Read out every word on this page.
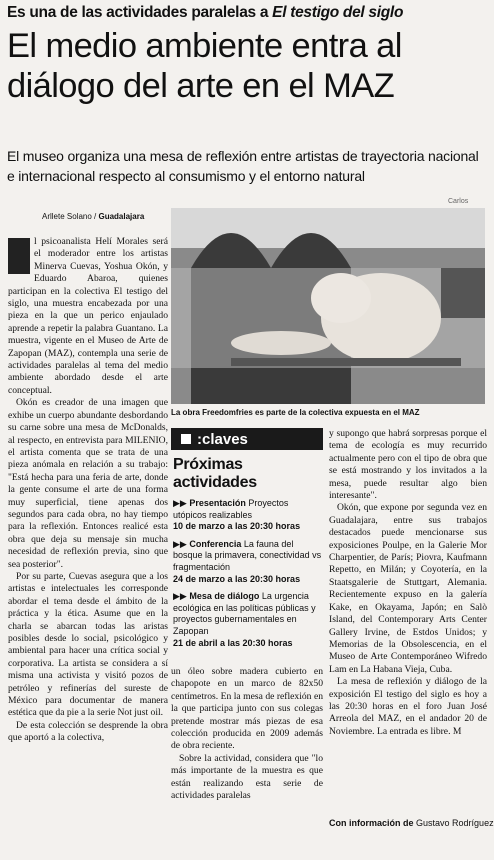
Es una de las actividades paralelas a El testigo del siglo
El medio ambiente entra al diálogo del arte en el MAZ
El museo organiza una mesa de reflexión entre artistas de trayectoria nacional e internacional respecto al consumismo y el entorno natural
Arllete Solano / Guadalajara
Carlos
La obra Freedomfries es parte de la colectiva expuesta en el MAZ

l psicoanalista Helí Morales será el moderador entre los artistas Minerva Cuevas, Yoshua Okón, y Eduardo Abaroa, quienes participan en la colectiva El testigo del siglo, una muestra encabezada por una pieza en la que un perico enjaulado aprende a repetir la palabra Guantano. La muestra, vigente en el Museo de Arte de Zapopan (MAZ), contempla una serie de actividades paralelas al tema del medio ambiente abordado desde el arte conceptual.

Okón es creador de una imagen que exhibe un cuerpo abundante desbordando su carne sobre una mesa de McDonalds, al respecto, en entrevista para MILENIO, el artista comenta que se trata de una pieza anómala en relación a su trabajo: "Está hecha para una feria de arte, donde la gente consume el arte de una forma muy superficial, tiene apenas dos segundos para cada obra, no hay tiempo para la reflexión. Entonces realicé esta obra que deja su mensaje sin mucha necesidad de reflexión previa, sino que sea posterior".

Por su parte, Cuevas asegura que a los artistas e intelectuales les corresponde abordar el tema desde el ámbito de la práctica y la ética. Asume que en la charla se abarcan todas las aristas posibles desde lo social, psicológico y ambiental para hacer una crítica social y corporativa. La artista se considera a sí misma una activista y visitó pozos de petróleo y refinerías del sureste de México para documentar de manera estética que da pie a la serie Not just oil.

De esta colección se desprende la obra que aportó a la colectiva,

:claves
Próximas actividades
▶▶ Presentación Proyectos utópicos realizables
10 de marzo a las 20:30 horas
▶▶ Conferencia La fauna del bosque la primavera, conectividad vs fragmentación
24 de marzo a las 20:30 horas
▶▶ Mesa de diálogo La urgencia ecológica en las políticas públicas y proyectos gubernamentales en Zapopan
21 de abril a las 20:30 horas

un óleo sobre madera cubierto en chapopote en un marco de 82x50 centímetros. En la mesa de reflexión en la que participa junto con sus colegas pretende mostrar más piezas de esa colección producida en 2009 además de obra reciente.

Sobre la actividad, considera que "lo más importante de la muestra es que están realizando esta serie de actividades paralelas

y supongo que habrá sorpresas porque el tema de ecología es muy recurrido actualmente pero con el tipo de obra que se está mostrando y los invitados a la mesa, puede resultar algo bien interesante".

Okón, que expone por segunda vez en Guadalajara, entre sus trabajos destacados puede mencionarse sus exposiciones Poulpe, en la Galerie Mor Charpentier, de París; Piovra, Kaufmann Repetto, en Milán; y Coyotería, en la Staatsgalerie de Stuttgart, Alemania. Recientemente expuso en la galería Kake, en Okayama, Japón; en Salò Island, del Contemporary Arts Center Gallery Irvine, de Estdos Unidos; y Memorias de la Obsolescencia, en el Museo de Arte Contemporáneo Wifredo Lam en La Habana Vieja, Cuba.

La mesa de reflexión y diálogo de la exposición El testigo del siglo es hoy a las 20:30 horas en el foro Juan José Arreola del MAZ, en el andador 20 de Noviembre. La entrada es libre. M

Con información de Gustavo Rodríguez
